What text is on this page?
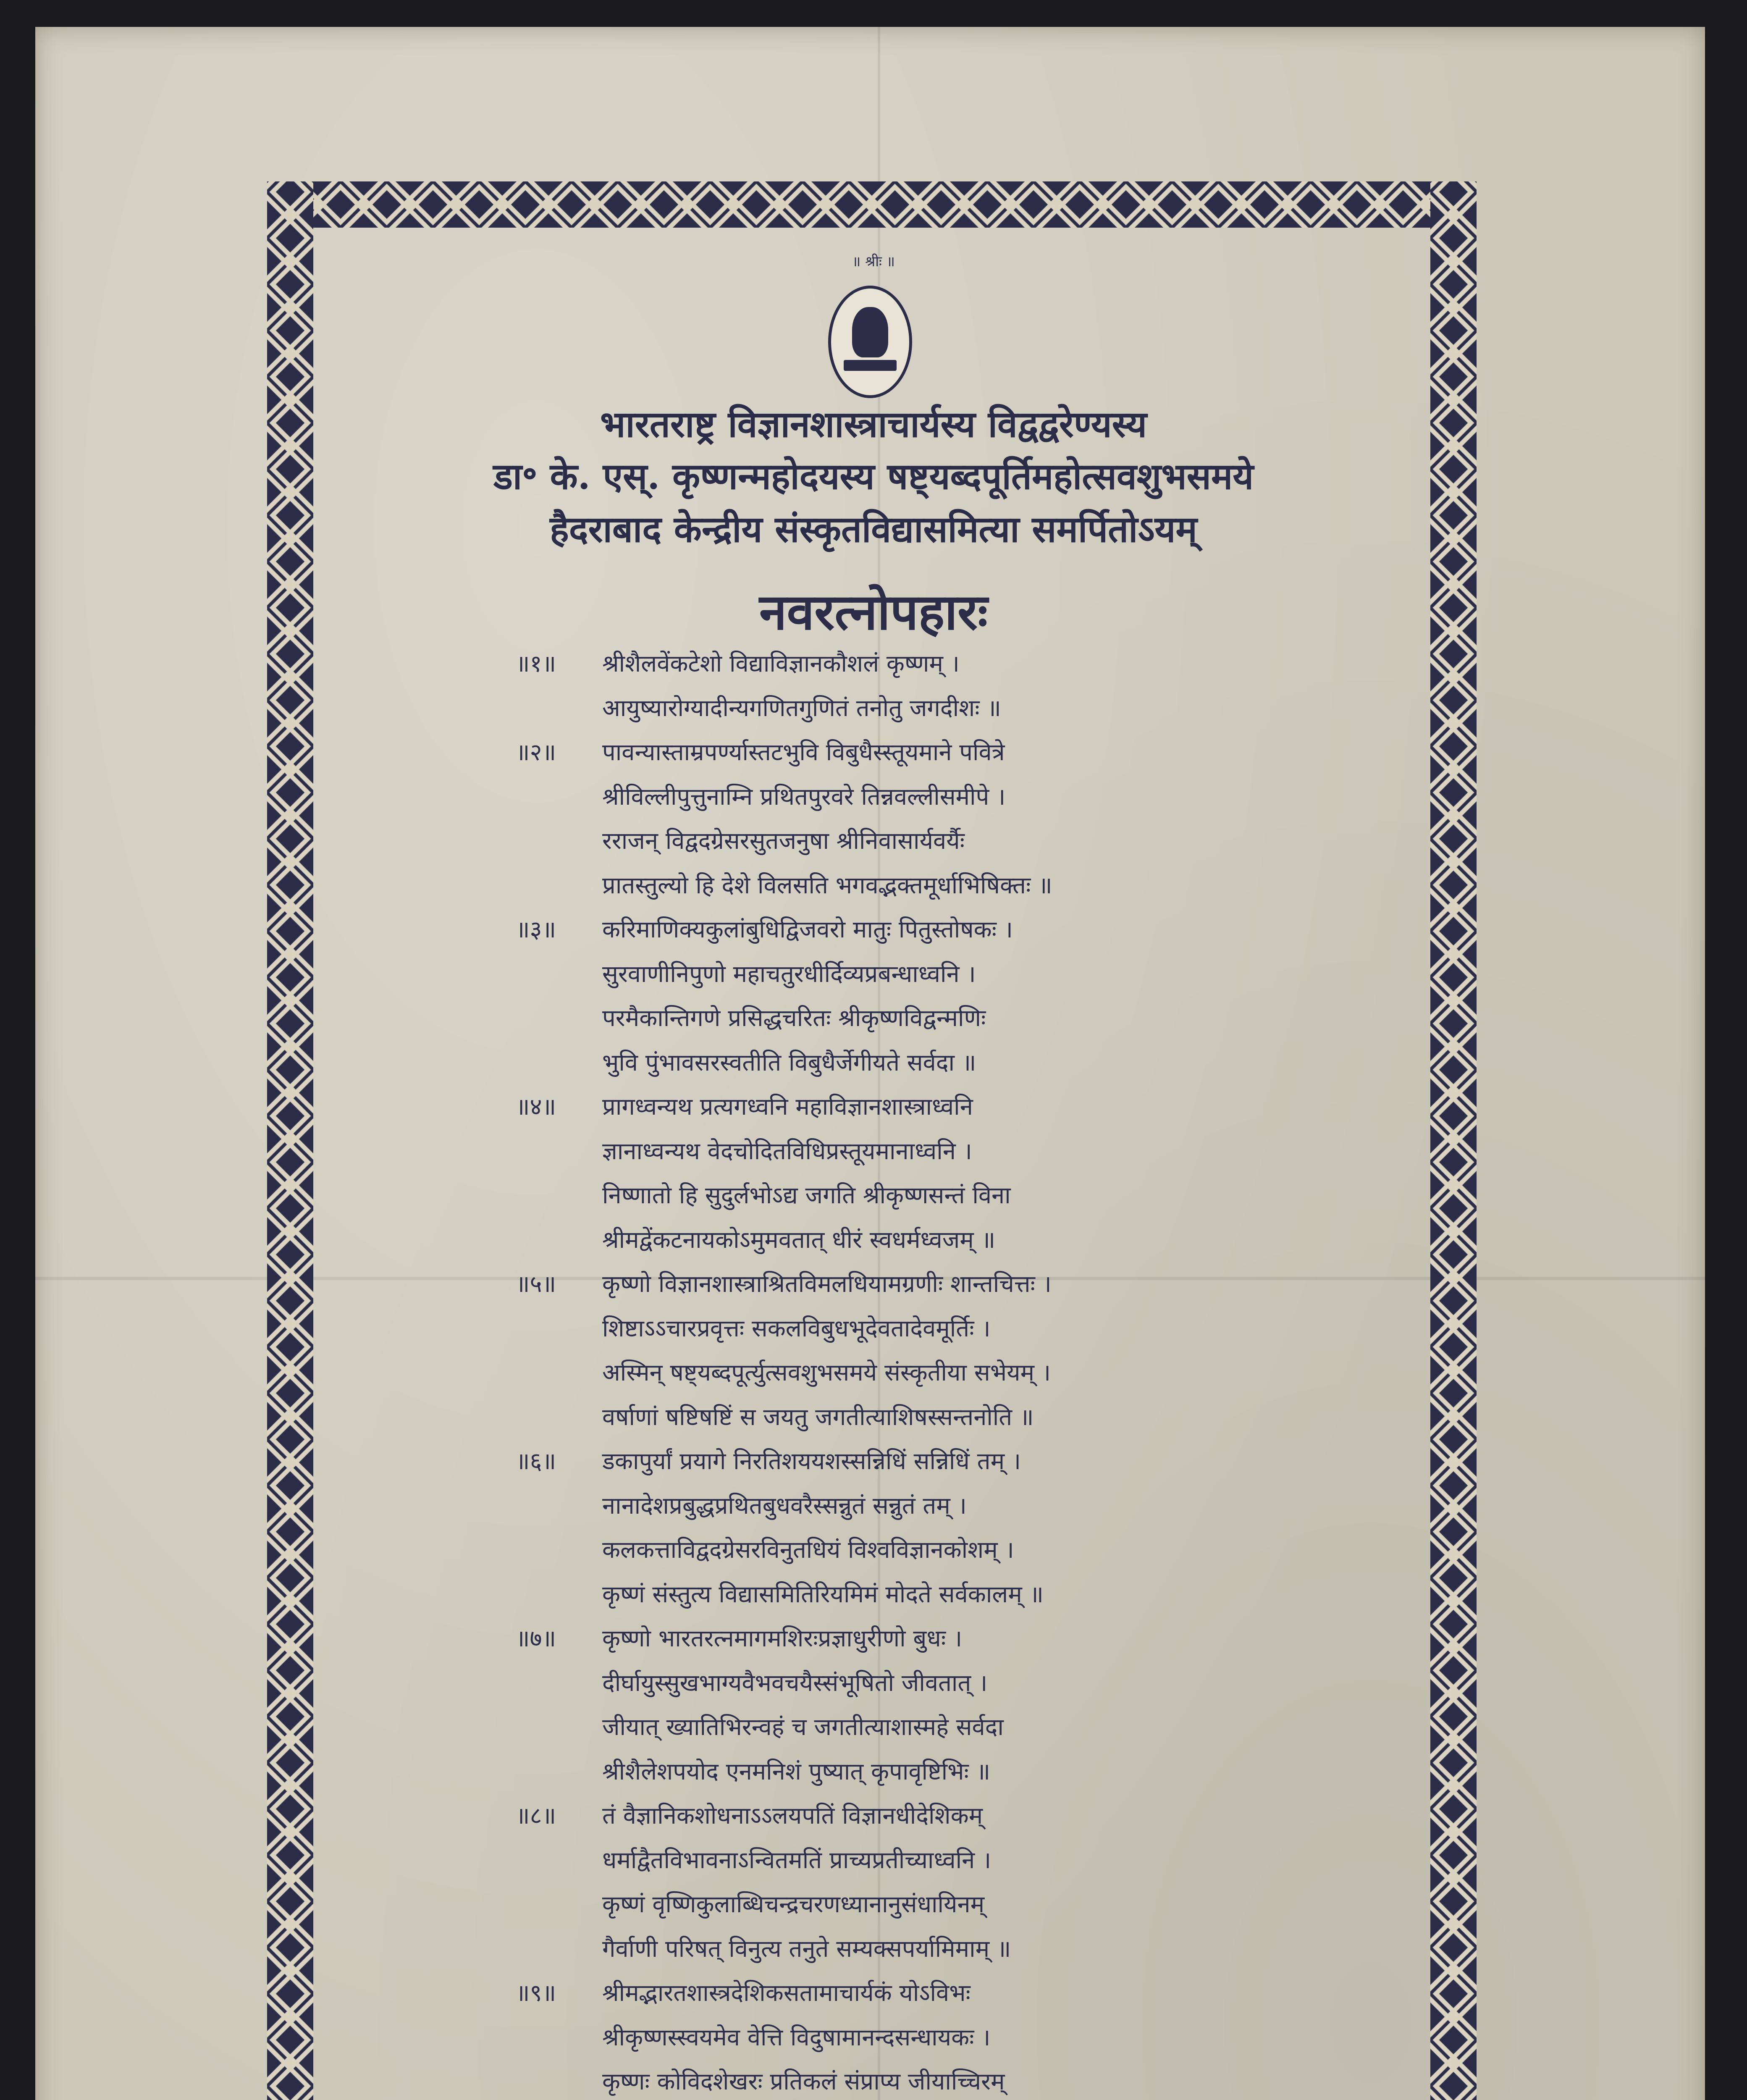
॥ श्रीः ॥
भारतराष्ट्र विज्ञानशास्त्राचार्यस्य विद्वद्वरेण्यस्य
डा॰ के. एस्. कृष्णन्महोदयस्य षष्ट्यब्दपूर्तिमहोत्सवशुभसमये
हैदराबाद केन्द्रीय संस्कृतविद्यासमित्या समर्पितोऽयम्
नवरत्नोपहारः
॥१॥	श्रीशैलवेंकटेशो विद्याविज्ञानकौशलं कृष्णम् ।
आयुष्यारोग्यादीन्यगणितगुणितं तनोतु जगदीशः ॥
॥२॥	पावन्यास्ताम्रपर्ण्यास्तटभुवि विबुधैस्स्तूयमाने पवित्रे
श्रीविल्लीपुत्तुनाम्नि प्रथितपुरवरे तिन्नवल्लीसमीपे ।
रराजन् विद्वदग्रेसरसुतजनुषा श्रीनिवासार्यवर्यैः
प्रातस्तुल्यो हि देशे विलसति भगवद्भक्तमूर्धाभिषिक्तः ॥
॥३॥	करिमाणिक्यकुलांबुधिद्विजवरो मातुः पितुस्तोषकः ।
सुरवाणीनिपुणो महाचतुरधीर्दिव्यप्रबन्धाध्वनि ।
परमैकान्तिगणे प्रसिद्धचरितः श्रीकृष्णविद्वन्मणिः
भुवि पुंभावसरस्वतीति विबुधैर्जेगीयते सर्वदा ॥
॥४॥	प्रागध्वन्यथ प्रत्यगध्वनि महाविज्ञानशास्त्राध्वनि
ज्ञानाध्वन्यथ वेदचोदितविधिप्रस्तूयमानाध्वनि ।
निष्णातो हि सुदुर्लभोऽद्य जगति श्रीकृष्णसन्तं विना
श्रीमद्वेंकटनायकोऽमुमवतात् धीरं स्वधर्मध्वजम् ॥
॥५॥	कृष्णो विज्ञानशास्त्राश्रितविमलधियामग्रणीः शान्तचित्तः ।
शिष्टाऽऽचारप्रवृत्तः सकलविबुधभूदेवतादेवमूर्तिः ।
अस्मिन् षष्ट्यब्दपूर्त्युत्सवशुभसमये संस्कृतीया सभेयम् ।
वर्षाणां षष्टिषष्टिं स जयतु जगतीत्याशिषस्सन्तनोति ॥
॥६॥	डकापुर्यां प्रयागे निरतिशययशस्सन्निधिं सन्निधिं तम् ।
नानादेशप्रबुद्धप्रथितबुधवरैस्सन्नुतं सन्नुतं तम् ।
कलकत्ताविद्वदग्रेसरविनुतधियं विश्वविज्ञानकोशम् ।
कृष्णं संस्तुत्य विद्यासमितिरियमिमं मोदते सर्वकालम् ॥
॥७॥	कृष्णो भारतरत्नमागमशिरःप्रज्ञाधुरीणो बुधः ।
दीर्घायुस्सुखभाग्यवैभवचयैस्संभूषितो जीवतात् ।
जीयात् ख्यातिभिरन्वहं च जगतीत्याशास्महे सर्वदा
श्रीशैलेशपयोद एनमनिशं पुष्यात् कृपावृष्टिभिः ॥
॥८॥	तं वैज्ञानिकशोधनाऽऽलयपतिं विज्ञानधीदेशिकम्
धर्माद्वैतविभावनाऽन्वितमतिं प्राच्यप्रतीच्याध्वनि ।
कृष्णं वृष्णिकुलाब्धिचन्द्रचरणध्यानानुसंधायिनम्
गैर्वाणी परिषत् विनुत्य तनुते सम्यक्सपर्यामिमाम् ॥
॥९॥	श्रीमद्भारतशास्त्रदेशिकसतामाचार्यकं योऽविभः
श्रीकृष्णस्स्वयमेव वेत्ति विदुषामानन्दसन्धायकः ।
कृष्णः कोविदशेखरः प्रतिकलं संप्राप्य जीयाच्चिरम्
